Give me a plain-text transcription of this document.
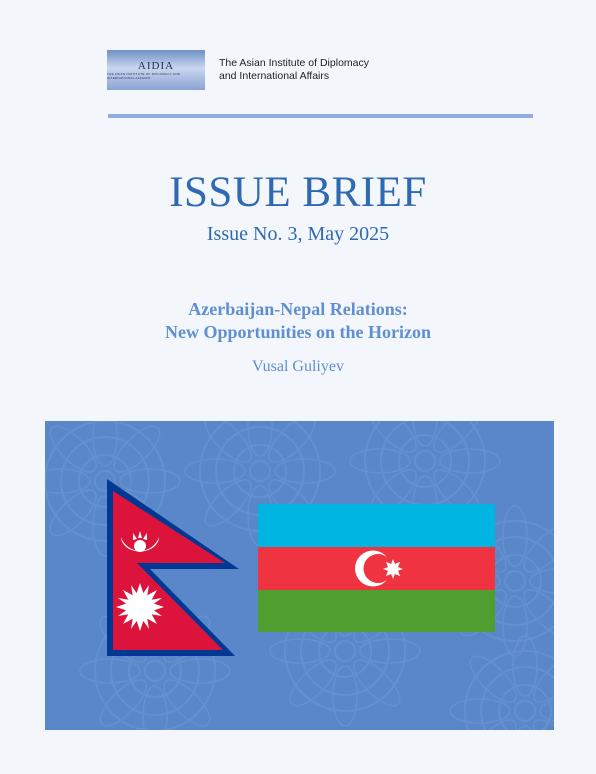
AIDIA
THE ASIAN INSTITUTE OF DIPLOMACY AND INTERNATIONAL AFFAIRS
The Asian Institute of Diplomacy
and International Affairs
ISSUE BRIEF
Issue No. 3, May 2025
Azerbaijan-Nepal Relations:
New Opportunities on the Horizon
Vusal Guliyev
